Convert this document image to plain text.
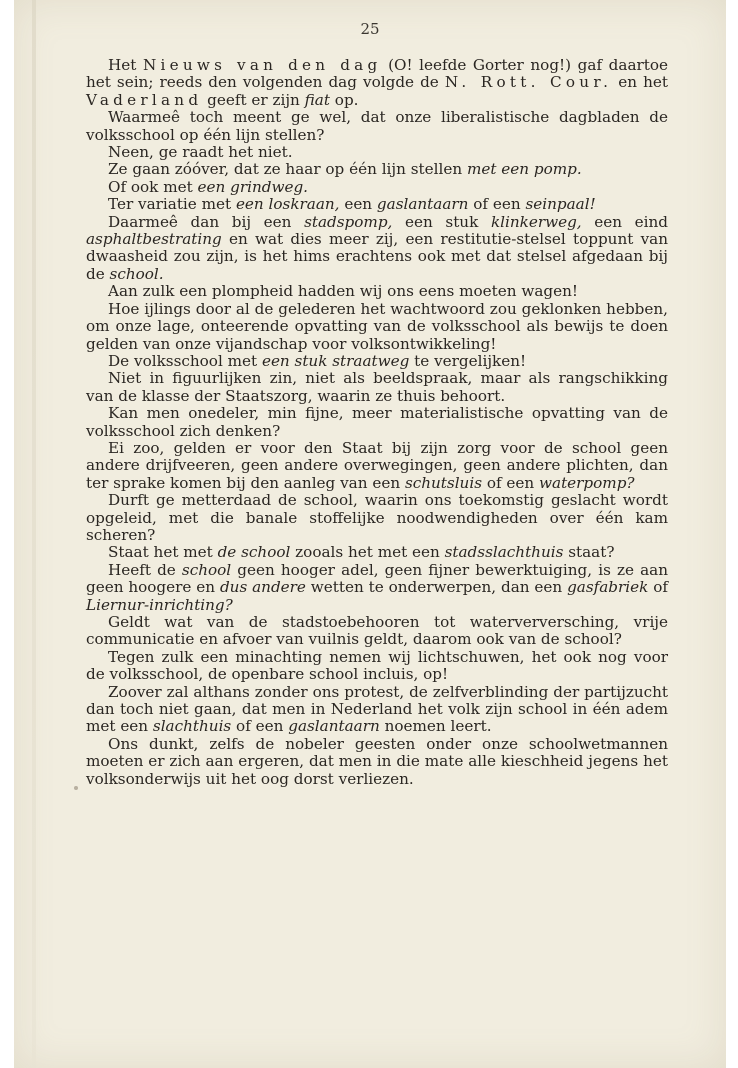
25

Het Nieuws van den dag (O! leefde Gorter nog!) gaf daartoe het sein; reeds den volgenden dag volgde de N. Rott. Cour. en het Vaderland geeft er zijn fiat op.

Waarmeê toch meent ge wel, dat onze liberalistische dagbladen de volksschool op één lijn stellen?

Neen, ge raadt het niet.

Ze gaan zóóver, dat ze haar op één lijn stellen met een pomp.

Of ook met een grindweg.

Ter variatie met een loskraan, een gaslantaarn of een seinpaal!

Daarmeê dan bij een stadspomp, een stuk klinkerweg, een eind asphaltbestrating en wat dies meer zij, een restitutie-stelsel toppunt van dwaasheid zou zijn, is het hims erachtens ook met dat stelsel afgedaan bij de school.

Aan zulk een plompheid hadden wij ons eens moeten wagen!

Hoe ijlings door al de gelederen het wachtwoord zou geklonken hebben, om onze lage, onteerende opvatting van de volksschool als bewijs te doen gelden van onze vijandschap voor volksontwikkeling!

De volksschool met een stuk straatweg te vergelijken!

Niet in figuurlijken zin, niet als beeldspraak, maar als rangschikking van de klasse der Staatszorg, waarin ze thuis behoort.

Kan men onedeler, min fijne, meer materialistische opvatting van de volksschool zich denken?

Ei zoo, gelden er voor den Staat bij zijn zorg voor de school geen andere drijfveeren, geen andere overwegingen, geen andere plichten, dan ter sprake komen bij den aanleg van een schutsluis of een waterpomp?

Durft ge metterdaad de school, waarin ons toekomstig geslacht wordt opgeleid, met die banale stoffelijke noodwendigheden over één kam scheren?

Staat het met de school zooals het met een stadsslachthuis staat?

Heeft de school geen hooger adel, geen fijner bewerktuiging, is ze aan geen hoogere en dus andere wetten te onderwerpen, dan een gasfabriek of Liernur-inrichting?

Geldt wat van de stadstoebehooren tot waterverversching, vrije communicatie en afvoer van vuilnis geldt, daarom ook van de school?

Tegen zulk een minachting nemen wij lichtschuwen, het ook nog voor de volksschool, de openbare school incluis, op!

Zoover zal althans zonder ons protest, de zelfverblinding der partijzucht dan toch niet gaan, dat men in Nederland het volk zijn school in één adem met een slachthuis of een gaslantaarn noemen leert.

Ons dunkt, zelfs de nobeler geesten onder onze schoolwetmannen moeten er zich aan ergeren, dat men in die mate alle kieschheid jegens het volksonderwijs uit het oog dorst verliezen.
